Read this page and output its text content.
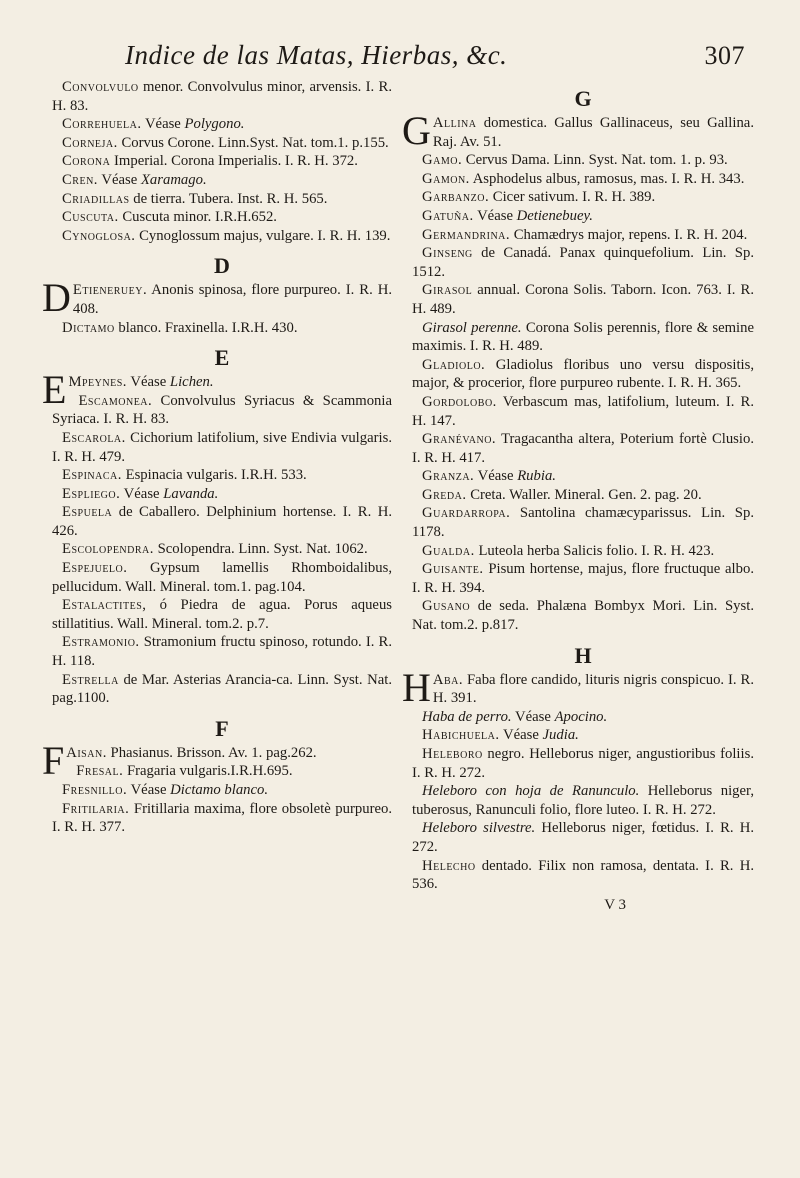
Indice de las Matas, Hierbas, &c.	307

Convolvulo menor. Convolvulus minor, arvensis. I. R. H. 83.

Correhuela. Véase Polygono.

Corneja. Corvus Corone. Linn.Syst. Nat. tom.1. p.155.

Corona Imperial. Corona Imperialis. I. R. H. 372.

Cren. Véase Xaramago.

Criadillas de tierra. Tubera. Inst. R. H. 565.

Cuscuta. Cuscuta minor. I.R.H.652.

Cynoglosa. Cynoglossum majus, vulgare. I. R. H. 139.

D

D Etieneruey. Anonis spinosa, flore purpureo. I. R. H. 408.

Dictamo blanco. Fraxinella. I.R.H. 430.

E

E Mpeynes. Véase Lichen.

Escamonea. Convolvulus Syriacus & Scammonia Syriaca. I. R. H. 83.

Escarola. Cichorium latifolium, sive Endivia vulgaris. I. R. H. 479.

Espinaca. Espinacia vulgaris. I.R.H. 533.

Espliego. Véase Lavanda.

Espuela de Caballero. Delphinium hortense. I. R. H. 426.

Escolopendra. Scolopendra. Linn. Syst. Nat. 1062.

Espejuelo. Gypsum lamellis Rhomboidalibus, pellucidum. Wall. Mineral. tom.1. pag.104.

Estalactites, ó Piedra de agua. Porus aqueus stillatitius. Wall. Mineral. tom.2. p.7.

Estramonio. Stramonium fructu spinoso, rotundo. I. R. H. 118.

Estrella de Mar. Asterias Arancia-ca. Linn. Syst. Nat. pag.1100.

F

F Aisan. Phasianus. Brisson. Av. 1. pag.262.

Fresal. Fragaria vulgaris.I.R.H.695.

Fresnillo. Véase Dictamo blanco.

Fritilaria. Fritillaria maxima, flore obsoletè purpureo. I. R. H. 377.

G

G Allina domestica. Gallus Gallinaceus, seu Gallina. Raj. Av. 51.

Gamo. Cervus Dama. Linn. Syst. Nat. tom. 1. p. 93.

Gamon. Asphodelus albus, ramosus, mas. I. R. H. 343.

Garbanzo. Cicer sativum. I. R. H. 389.

Gatuña. Véase Detienebuey.

Germandrina. Chamædrys major, repens. I. R. H. 204.

Ginseng de Canadá. Panax quinquefolium. Lin. Sp. 1512.

Girasol annual. Corona Solis. Taborn. Icon. 763. I. R. H. 489.

Girasol perenne. Corona Solis perennis, flore & semine maximis. I. R. H. 489.

Gladiolo. Gladiolus floribus uno versu dispositis, major, & procerior, flore purpureo rubente. I. R. H. 365.

Gordolobo. Verbascum mas, latifolium, luteum. I. R. H. 147.

Granévano. Tragacantha altera, Poterium fortè Clusio. I. R. H. 417.

Granza. Véase Rubia.

Greda. Creta. Waller. Mineral. Gen. 2. pag. 20.

Guardarropa. Santolina chamæcyparissus. Lin. Sp. 1178.

Gualda. Luteola herba Salicis folio. I. R. H. 423.

Guisante. Pisum hortense, majus, flore fructuque albo. I. R. H. 394.

Gusano de seda. Phalæna Bombyx Mori. Lin. Syst. Nat. tom.2. p.817.

H

H Aba. Faba flore candido, lituris nigris conspicuo. I. R. H. 391.

Haba de perro. Véase Apocino.

Habichuela. Véase Judia.

Heleboro negro. Helleborus niger, angustioribus foliis. I. R. H. 272.

Heleboro con hoja de Ranunculo. Helleborus niger, tuberosus, Ranunculi folio, flore luteo. I. R. H. 272.

Heleboro silvestre. Helleborus niger, fœtidus. I. R. H. 272.

Helecho dentado. Filix non ramosa, dentata. I. R. H. 536.

V 3
